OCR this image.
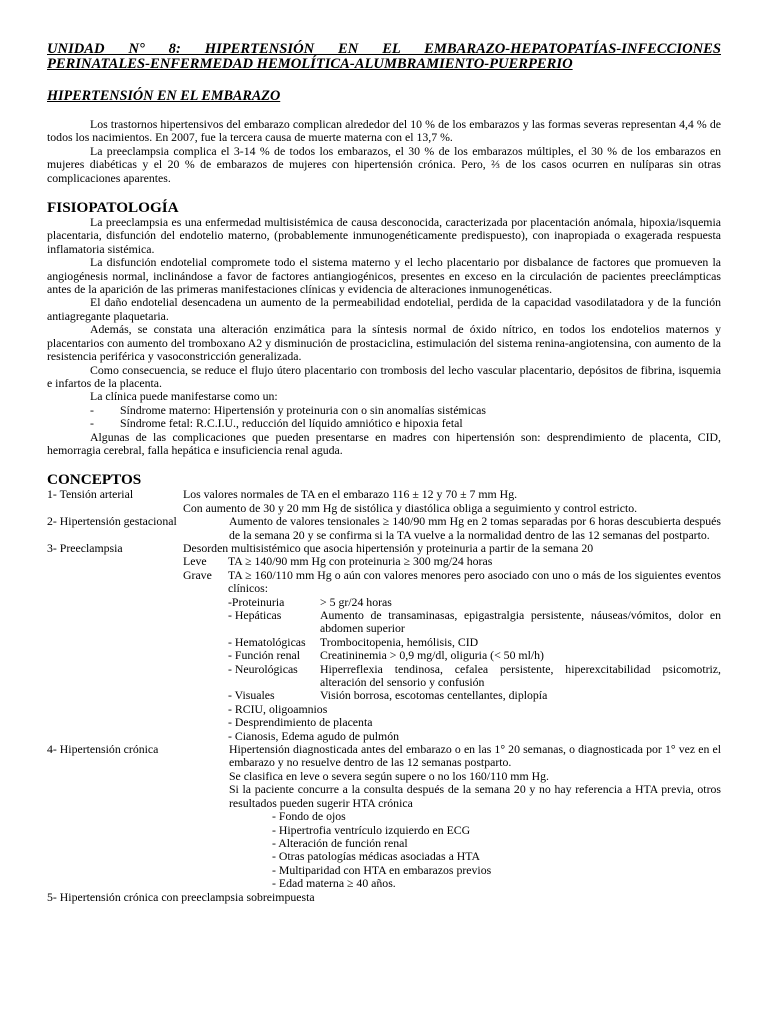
UNIDAD N° 8: HIPERTENSIÓN EN EL EMBARAZO-HEPATOPATÍAS-INFECCIONES
PERINATALES-ENFERMEDAD HEMOLÍTICA-ALUMBRAMIENTO-PUERPERIO
HIPERTENSIÓN EN EL EMBARAZO

Los trastornos hipertensivos del embarazo complican alrededor del 10 % de los embarazos y las formas severas representan 4,4 % de todos los nacimientos. En 2007, fue la tercera causa de muerte materna con el 13,7 %.

La preeclampsia complica el 3-14 % de todos los embarazos, el 30 % de los embarazos múltiples, el 30 % de los embarazos en mujeres diabéticas y el 20 % de embarazos de mujeres con hipertensión crónica. Pero, ⅔ de los casos ocurren en nulíparas sin otras complicaciones aparentes.

FISIOPATOLOGÍA

La preeclampsia es una enfermedad multisistémica de causa desconocida, caracterizada por placentación anómala, hipoxia/isquemia placentaria, disfunción del endotelio materno, (probablemente inmunogenéticamente predispuesto), con inapropiada o exagerada respuesta inflamatoria sistémica.

La disfunción endotelial compromete todo el sistema materno y el lecho placentario por disbalance de factores que promueven la angiogénesis normal, inclinándose a favor de factores antiangiogénicos, presentes en exceso en la circulación de pacientes preeclámpticas antes de la aparición de las primeras manifestaciones clínicas y evidencia de alteraciones inmunogenéticas.

El daño endotelial desencadena un aumento de la permeabilidad endotelial, perdida de la capacidad vasodilatadora y de la función antiagregante plaquetaria.

Además, se constata una alteración enzimática para la síntesis normal de óxido nítrico, en todos los endotelios maternos y placentarios con aumento del tromboxano A2 y disminución de prostaciclina, estimulación del sistema renina-angiotensina, con aumento de la resistencia periférica y vasoconstricción generalizada.

Como consecuencia, se reduce el flujo útero placentario con trombosis del lecho vascular placentario, depósitos de fibrina, isquemia e infartos de la placenta.

La clínica puede manifestarse como un:

- Síndrome materno: Hipertensión y proteinuria con o sin anomalías sistémicas
- Síndrome fetal: R.C.I.U., reducción del líquido amniótico e hipoxia fetal

Algunas de las complicaciones que pueden presentarse en madres con hipertensión son: desprendimiento de placenta, CID, hemorragia cerebral, falla hepática e insuficiencia renal aguda.

CONCEPTOS
1- Tensión arterial	Los valores normales de TA en el embarazo 116 ± 12 y 70 ± 7 mm Hg.
Con aumento de 30 y 20 mm Hg de sistólica y diastólica obliga a seguimiento y control estricto.
2- Hipertensión gestacional	Aumento de valores tensionales ≥ 140/90 mm Hg en 2 tomas separadas por 6 horas descubierta después de la semana 20 y se confirma si la TA vuelve a la normalidad dentro de las 12 semanas del postparto.
3- Preeclampsia	Desorden multisistémico que asocia hipertensión y proteinuria a partir de la semana 20
Leve	TA ≥ 140/90 mm Hg con proteinuria ≥ 300 mg/24 horas
Grave	TA ≥ 160/110 mm Hg o aún con valores menores pero asociado con uno o más de los siguientes eventos clínicos:
-Proteinuria	> 5 gr/24 horas
- Hepáticas	Aumento de transaminasas, epigastralgia persistente, náuseas/vómitos, dolor en abdomen superior
- Hematológicas	Trombocitopenia, hemólisis, CID
- Función renal	Creatininemia > 0,9 mg/dl, oliguria (< 50 ml/h)
- Neurológicas	Hiperreflexia tendinosa, cefalea persistente, hiperexcitabilidad psicomotriz, alteración del sensorio y confusión
- Visuales	Visión borrosa, escotomas centellantes, diplopía
- RCIU, oligoamnios
- Desprendimiento de placenta
- Cianosis, Edema agudo de pulmón
4- Hipertensión crónica	Hipertensión diagnosticada antes del embarazo o en las 1° 20 semanas, o diagnosticada por 1° vez en el embarazo y no resuelve dentro de las 12 semanas postparto.
Se clasifica en leve o severa según supere o no los 160/110 mm Hg.
Si la paciente concurre a la consulta después de la semana 20 y no hay referencia a HTA previa, otros resultados pueden sugerir HTA crónica
- Fondo de ojos
- Hipertrofia ventrículo izquierdo en ECG
- Alteración de función renal
- Otras patologías médicas asociadas a HTA
- Multiparidad con HTA en embarazos previos
- Edad materna ≥ 40 años.
5- Hipertensión crónica con preeclampsia sobreimpuesta
